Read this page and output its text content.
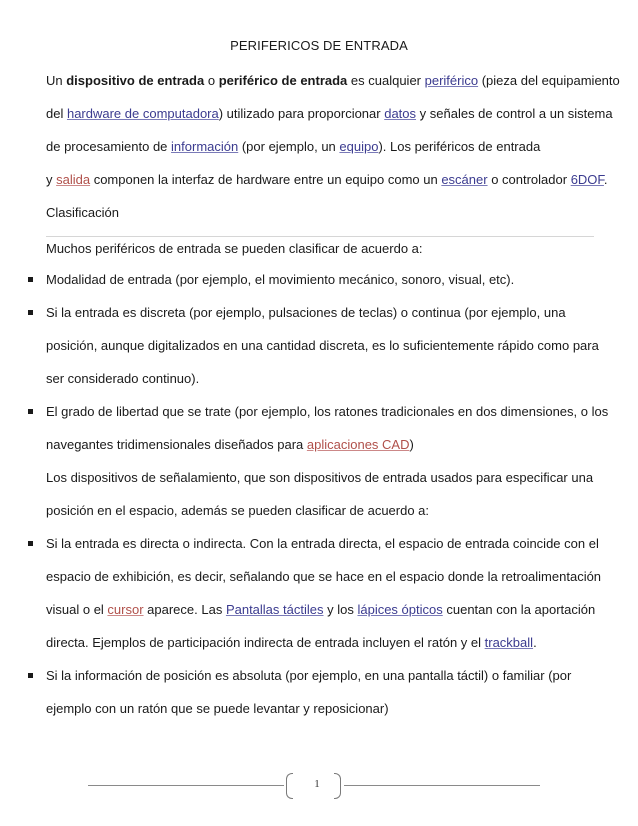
PERIFERICOS DE ENTRADA
Un dispositivo de entrada o periférico de entrada es cualquier periférico (pieza del equipamiento
del hardware de computadora) utilizado para proporcionar datos y señales de control a un sistema
de procesamiento de información (por ejemplo, un equipo). Los periféricos de entrada
y salida componen la interfaz de hardware entre un equipo como un escáner o controlador 6DOF.
Clasificación
Muchos periféricos de entrada se pueden clasificar de acuerdo a:
Modalidad de entrada (por ejemplo, el movimiento mecánico, sonoro, visual, etc).
Si la entrada es discreta (por ejemplo, pulsaciones de teclas) o continua (por ejemplo, una
posición, aunque digitalizados en una cantidad discreta, es lo suficientemente rápido como para
ser considerado continuo).
El grado de libertad que se trate (por ejemplo, los ratones tradicionales en dos dimensiones, o los
navegantes tridimensionales diseñados para aplicaciones CAD)
Los dispositivos de señalamiento, que son dispositivos de entrada usados para especificar una
posición en el espacio, además se pueden clasificar de acuerdo a:
Si la entrada es directa o indirecta. Con la entrada directa, el espacio de entrada coincide con el
espacio de exhibición, es decir, señalando que se hace en el espacio donde la retroalimentación
visual o el cursor aparece. Las Pantallas táctiles y los lápices ópticos cuentan con la aportación
directa. Ejemplos de participación indirecta de entrada incluyen el ratón y el trackball.
Si la información de posición es absoluta (por ejemplo, en una pantalla táctil) o familiar (por
ejemplo con un ratón que se puede levantar y reposicionar)
1
